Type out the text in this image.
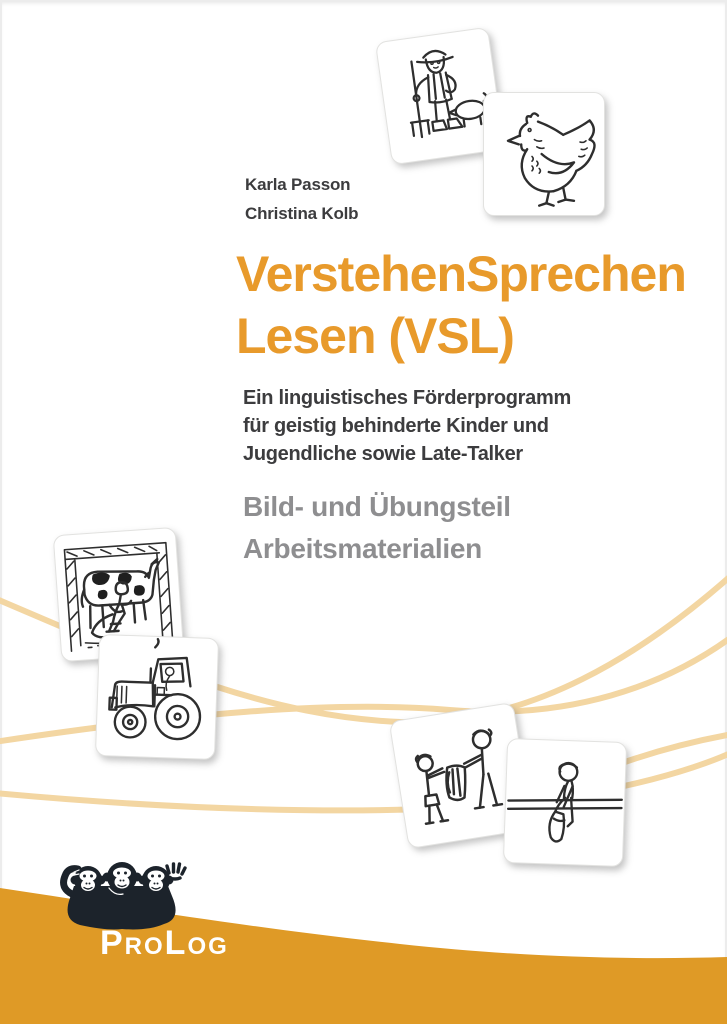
Karla Passon
Christina Kolb
VerstehenSprechen
Lesen (VSL)

Ein linguistisches Förderprogramm
für geistig behinderte Kinder und
Jugendliche sowie Late-Talker

Bild- und Übungsteil
Arbeitsmaterialien

ProLog
